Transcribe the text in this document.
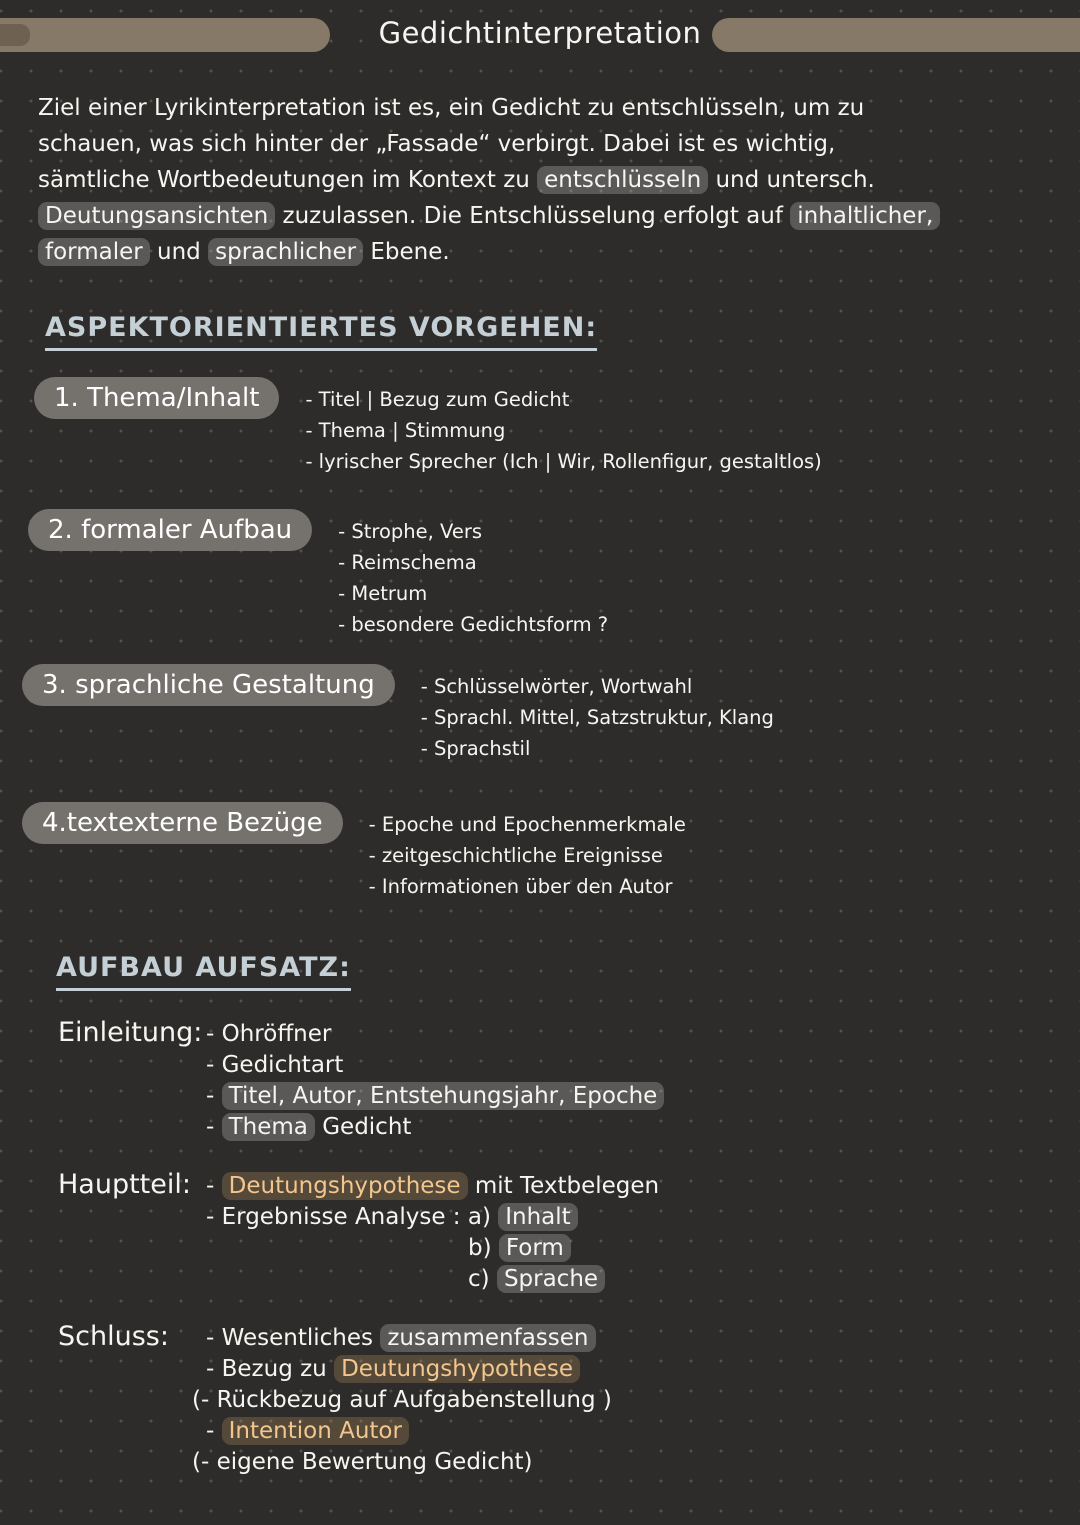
Gedichtinterpretation
Ziel einer Lyrikinterpretation ist es, ein Gedicht zu entschlüsseln, um zu
schauen, was sich hinter der „Fassade“ verbirgt. Dabei ist es wichtig,
sämtliche Wortbedeutungen im Kontext zu entschlüsseln und untersch.
Deutungsansichten zuzulassen. Die Entschlüsselung erfolgt auf inhaltlicher,
formaler und sprachlicher Ebene.
ASPEKTORIENTIERTES VORGEHEN:
1. Thema/Inhalt	- Titel | Bezug zum Gedicht
- Thema | Stimmung
- lyrischer Sprecher (Ich | Wir, Rollenfigur, gestaltlos)
2. formaler Aufbau	- Strophe, Vers
- Reimschema
- Metrum
- besondere Gedichtsform ?
3. sprachliche Gestaltung	- Schlüsselwörter, Wortwahl
- Sprachl. Mittel, Satzstruktur, Klang
- Sprachstil
4.textexterne Bezüge	- Epoche und Epochenmerkmale
- zeitgeschichtliche Ereignisse
- Informationen über den Autor
AUFBAU AUFSATZ:
Einleitung: - Ohröffner
- Gedichtart
- Titel, Autor, Entstehungsjahr, Epoche
- Thema Gedicht
Hauptteil: - Deutungshypothese mit Textbelegen
- Ergebnisse Analyse : a) Inhalt
b) Form
c) Sprache
Schluss:	- Wesentliches zusammenfassen
- Bezug zu Deutungshypothese
(- Rückbezug auf Aufgabenstellung )
- Intention Autor
(- eigene Bewertung Gedicht)
